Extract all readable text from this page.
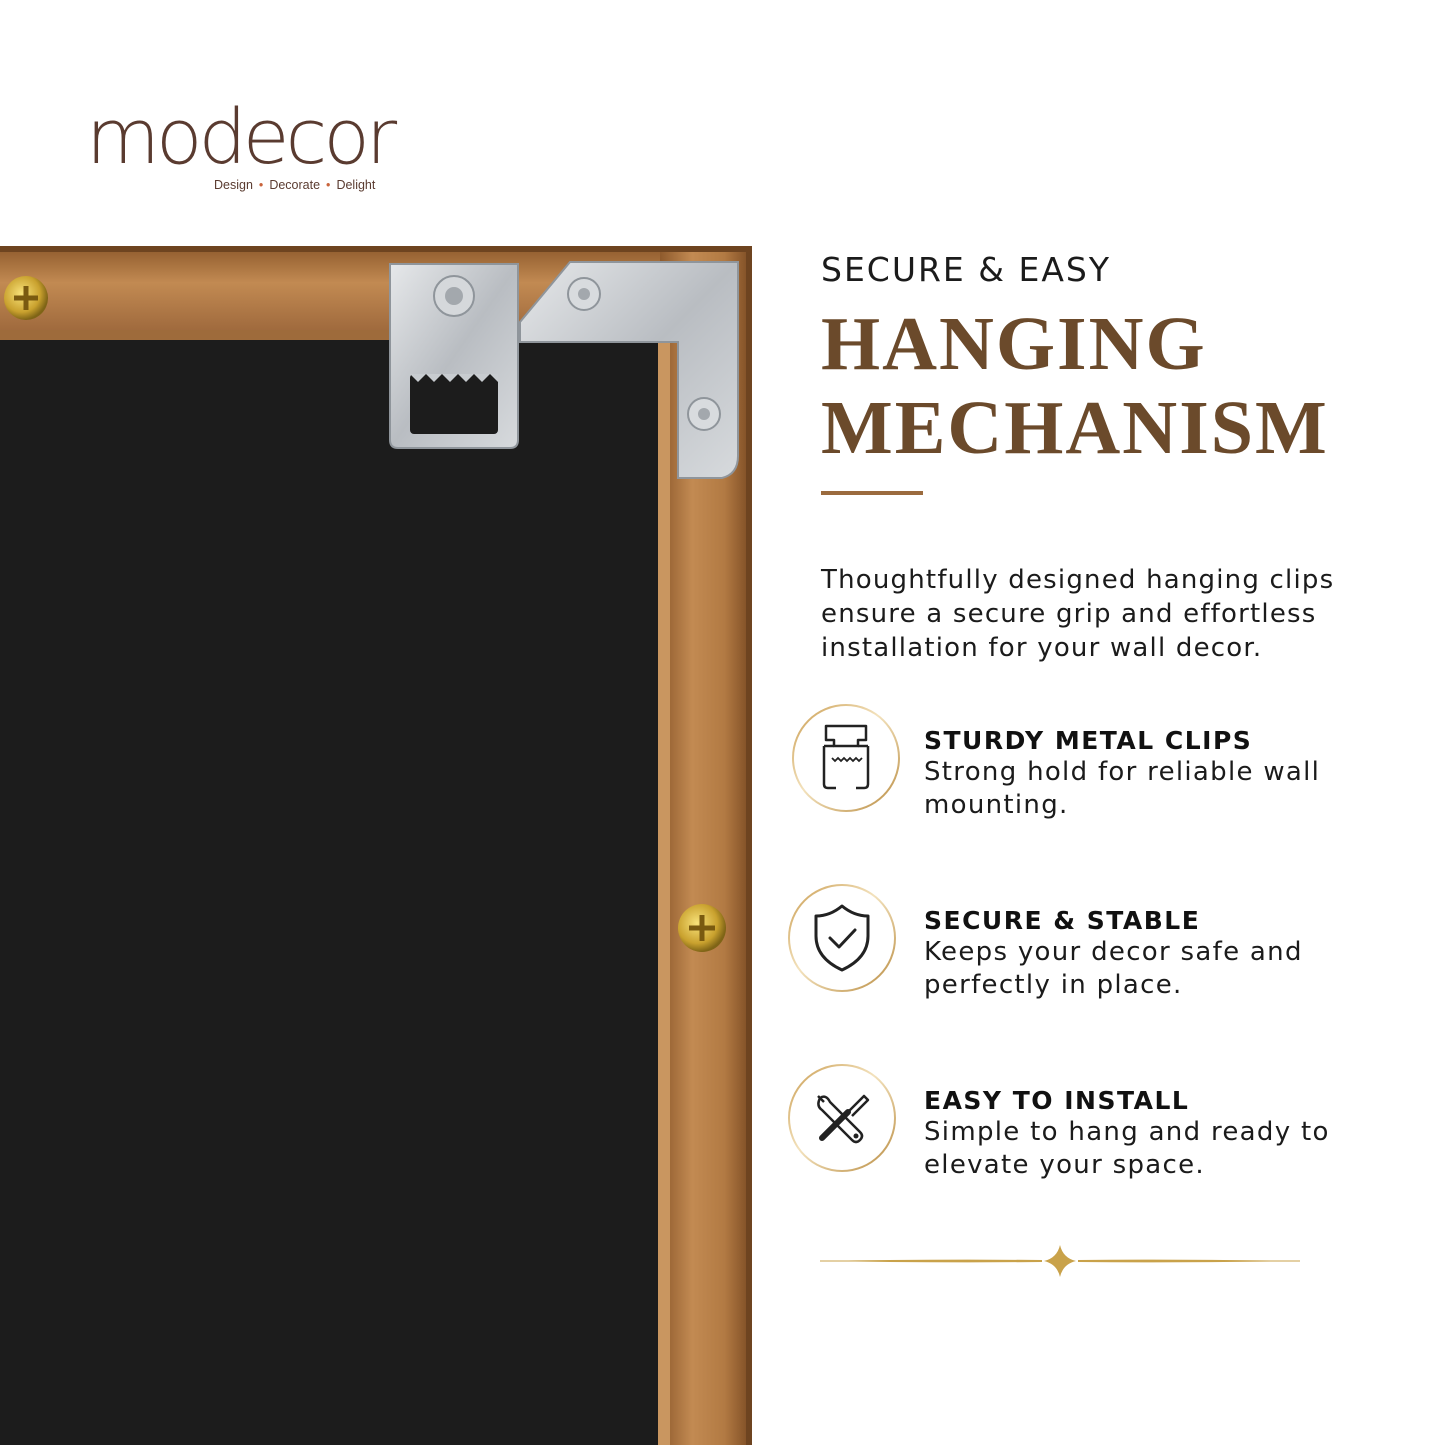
modecor
Design • Decorate • Delight
SECURE & EASY
HANGING
MECHANISM
Thoughtfully designed hanging clips ensure a secure grip and effortless installation for your wall decor.
STURDY METAL CLIPS
Strong hold for reliable wall mounting.
SECURE & STABLE
Keeps your decor safe and perfectly in place.
EASY TO INSTALL
Simple to hang and ready to elevate your space.
